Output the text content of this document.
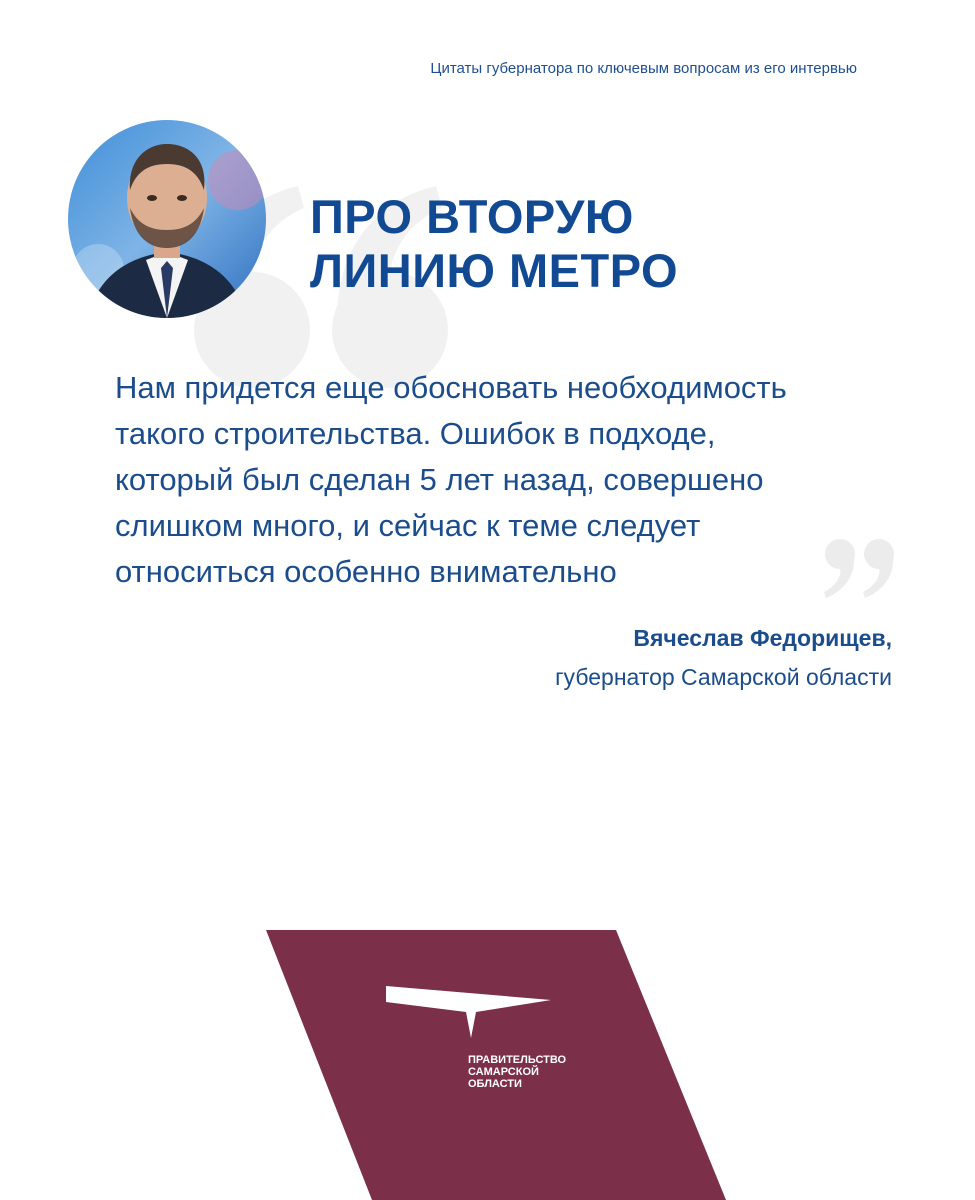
Цитаты губернатора по ключевым вопросам из его интервью
ПРО ВТОРУЮ
ЛИНИЮ МЕТРО

Нам придется еще обосновать необходимость
такого строительства. Ошибок в подходе,
который был сделан 5 лет назад, совершено
слишком много, и сейчас к теме следует
относиться особенно внимательно

Вячеслав Федорищев,
губернатор Самарской области
ПРАВИТЕЛЬСТВО
САМАРСКОЙ
ОБЛАСТИ
